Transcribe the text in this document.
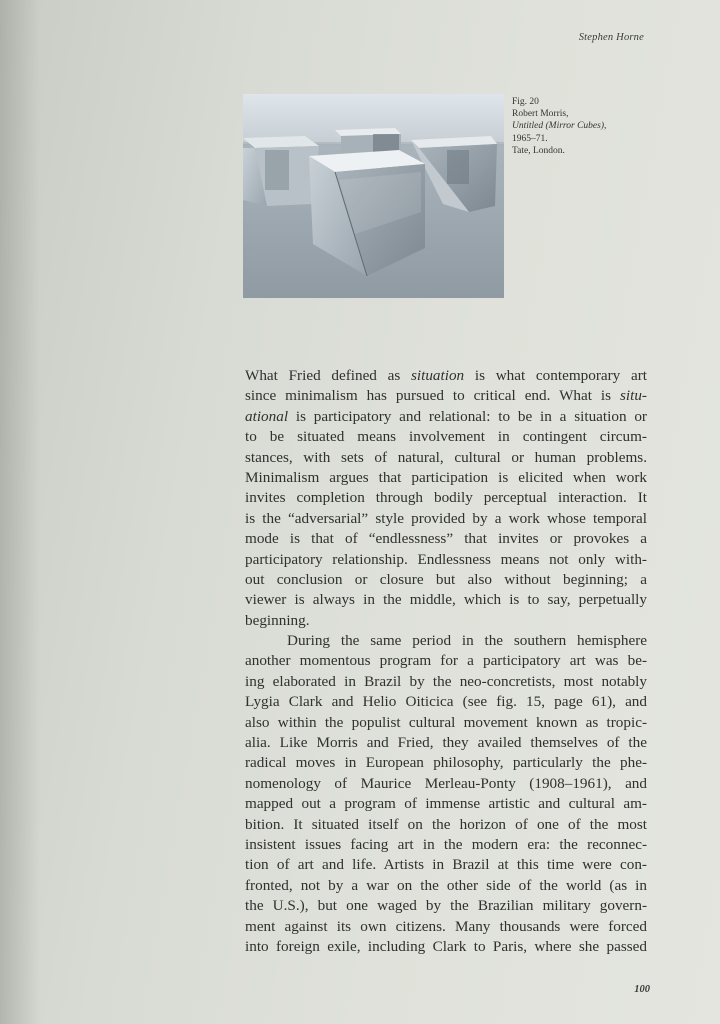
Stephen Horne
Fig. 20
Robert Morris,
Untitled (Mirror Cubes),
1965–71.
Tate, London.
What Fried defined as situation is what contemporary art
since minimalism has pursued to critical end. What is situ-
ational is participatory and relational: to be in a situation or
to be situated means involvement in contingent circum-
stances, with sets of natural, cultural or human problems.
Minimalism argues that participation is elicited when work
invites completion through bodily perceptual interaction. It
is the “adversarial” style provided by a work whose temporal
mode is that of “endlessness” that invites or provokes a
participatory relationship. Endlessness means not only with-
out conclusion or closure but also without beginning; a
viewer is always in the middle, which is to say, perpetually
beginning.
During the same period in the southern hemisphere
another momentous program for a participatory art was be-
ing elaborated in Brazil by the neo-concretists, most notably
Lygia Clark and Helio Oiticica (see fig. 15, page 61), and
also within the populist cultural movement known as tropic-
alia. Like Morris and Fried, they availed themselves of the
radical moves in European philosophy, particularly the phe-
nomenology of Maurice Merleau-Ponty (1908–1961), and
mapped out a program of immense artistic and cultural am-
bition. It situated itself on the horizon of one of the most
insistent issues facing art in the modern era: the reconnec-
tion of art and life. Artists in Brazil at this time were con-
fronted, not by a war on the other side of the world (as in
the U.S.), but one waged by the Brazilian military govern-
ment against its own citizens. Many thousands were forced
into foreign exile, including Clark to Paris, where she passed
100
